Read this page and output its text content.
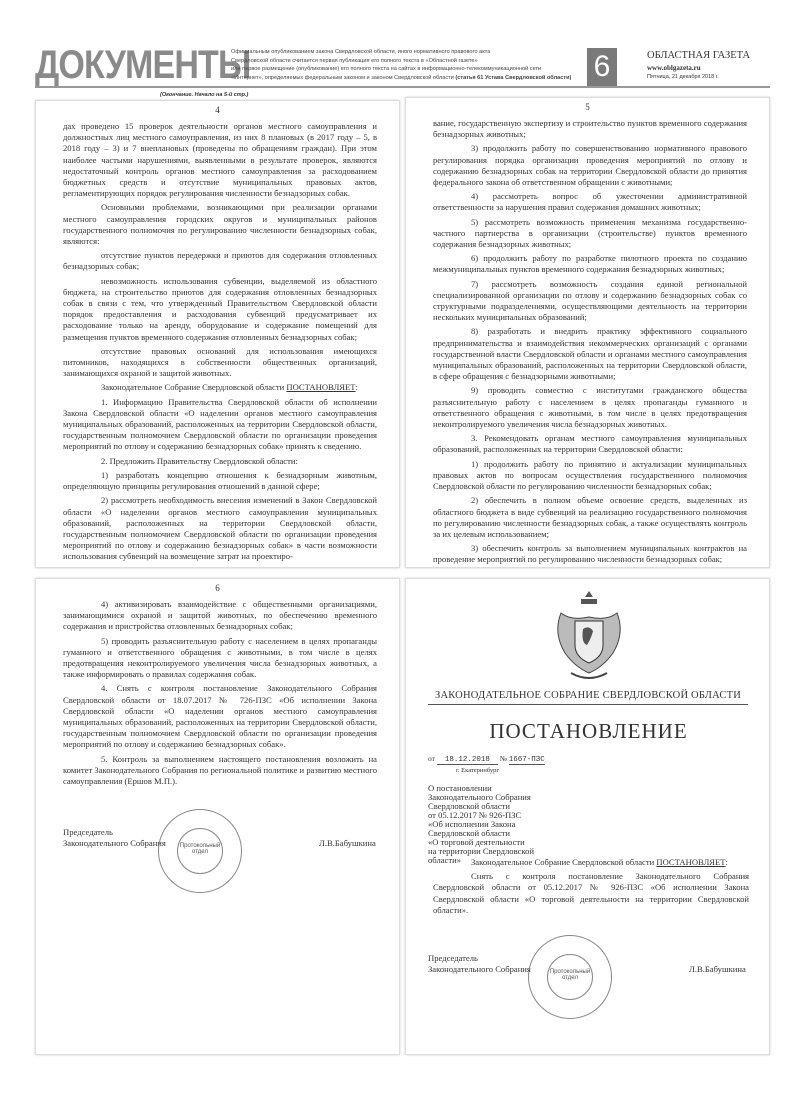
ДОКУМЕНТЫ
Официальным опубликованием закона Свердловской области, иного нормативного правового акта
Свердловской области считается первая публикация его полного текста в «Областной газете»
или первое размещение (опубликование) его полного текста на сайтах в информационно-телекоммуникационной сети
«Интернет», определяемых федеральным законом и законом Свердловской области (статья 61 Устава Свердловской области) 6	ОБЛАСТНАЯ ГАЗЕТА
www.oblgazeta.ru
Пятница, 21 декабря 2018 г.
(Окончание. Начало на 5-й стр.)
4

дах проведено 15 проверок деятельности органов местного самоуправления и должностных лиц местного самоуправления, из них 8 плановых (в 2017 году – 5, в 2018 году – 3) и 7 внеплановых (проведены по обращениям граждан). При этом наиболее частыми нарушениями, выявленными в результате проверок, являются недостаточный контроль органов местного самоуправления за расходованием бюджетных средств и отсутствие муниципальных правовых актов, регламентирующих порядок регулирования численности безнадзорных собак.

Основными проблемами, возникающими при реализации органами местного самоуправления городских округов и муниципальных районов государственного полномочия по регулированию численности безнадзорных собак, являются:

отсутствие пунктов передержки и приютов для содержания отловленных безнадзорных собак;

невозможность использования субвенции, выделяемой из областного бюджета, на строительство приютов для содержания отловленных безнадзорных собак в связи с тем, что утвержденный Правительством Свердловской области порядок предоставления и расходования субвенций предусматривает их расходование только на аренду, оборудование и содержание помещений для размещения пунктов временного содержания отловленных безнадзорных собак;

отсутствие правовых оснований для использования имеющихся питомников, находящихся в собственности общественных организаций, занимающихся охраной и защитой животных.

Законодательное Собрание Свердловской области ПОСТАНОВЛЯЕТ:

1. Информацию Правительства Свердловской области об исполнении Закона Свердловской области «О наделении органов местного самоуправления муниципальных образований, расположенных на территории Свердловской области, государственным полномочием Свердловской области по организации проведения мероприятий по отлову и содержанию безнадзорных собак» принять к сведению.

2. Предложить Правительству Свердловской области:

1) разработать концепцию отношения к безнадзорным животным, определяющую принципы регулирования отношений в данной сфере;

2) рассмотреть необходимость внесения изменений в Закон Свердловской области «О наделении органов местного самоуправления муниципальных образований, расположенных на территории Свердловской области, государственным полномочием Свердловской области по организации проведения мероприятий по отлову и содержанию безнадзорных собак» в части возможности использования субвенций на возмещение затрат на проектиро-

5

вание, государственную экспертизу и строительство пунктов временного содержания безнадзорных животных;

3) продолжить работу по совершенствованию нормативного правового регулирования порядка организации проведения мероприятий по отлову и содержанию безнадзорных собак на территории Свердловской области до принятия федерального закона об ответственном обращении с животными;

4) рассмотреть вопрос об ужесточении административной ответственности за нарушения правил содержания домашних животных;

5) рассмотреть возможность применения механизма государственно-частного партнерства в организации (строительстве) пунктов временного содержания безнадзорных животных;

6) продолжить работу по разработке пилотного проекта по созданию межмуниципальных пунктов временного содержания безнадзорных животных;

7) рассмотреть возможность создания единой региональной специализированной организации по отлову и содержанию безнадзорных собак со структурными подразделениями, осуществляющими деятельность на территории нескольких муниципальных образований;

8) разработать и внедрить практику эффективного социального предпринимательства и взаимодействия некоммерческих организаций с органами государственной власти Свердловской области и органами местного самоуправления муниципальных образований, расположенных на территории Свердловской области, в сфере обращения с безнадзорными животными;

9) проводить совместно с институтами гражданского общества разъяснительную работу с населением в целях пропаганды гуманного и ответственного обращения с животными, в том числе в целях предотвращения неконтролируемого увеличения числа безнадзорных животных.

3. Рекомендовать органам местного самоуправления муниципальных образований, расположенных на территории Свердловской области:

1) продолжить работу по принятию и актуализации муниципальных правовых актов по вопросам осуществления государственного полномочия Свердловской области по регулированию численности безнадзорных собак;

2) обеспечить в полном объеме освоение средств, выделенных из областного бюджета в виде субвенций на реализацию государственного полномочия по регулированию численности безнадзорных собак, а также осуществлять контроль за их целевым использованием;

3) обеспечить контроль за выполнением муниципальных контрактов на проведение мероприятий по регулированию численности безнадзорных собак;

6

4) активизировать взаимодействие с общественными организациями, занимающимися охраной и защитой животных, по обеспечению временного содержания и пристройства отловленных безнадзорных собак;

5) проводить разъяснительную работу с населением в целях пропаганды гуманного и ответственного обращения с животными, в том числе в целях предотвращения неконтролируемого увеличения числа безнадзорных животных, а также информировать о правилах содержания собак.

4. Снять с контроля постановление Законодательного Собрания Свердловской области от 18.07.2017 № 726-ПЗС «Об исполнении Закона Свердловской области «О наделении органов местного самоуправления муниципальных образований, расположенных на территории Свердловской области, государственным полномочием Свердловской области по организации проведения мероприятий по отлову и содержанию безнадзорных собак».

5. Контроль за выполнением настоящего постановления возложить на комитет Законодательного Собрания по региональной политике и развитию местного самоуправления (Ершов М.П.).

Председатель
Законодательного Собрания	Л.В.Бабушкина
Протокольный отдел
ЗАКОНОДАТЕЛЬНОЕ СОБРАНИЕ СВЕРДЛОВСКОЙ ОБЛАСТИ
ПОСТАНОВЛЕНИЕ
от 18.12.2018 № 1667-ПЗС
г. Екатеринбург
О постановлении
Законодательного Собрания
Свердловской области
от 05.12.2017 № 926-ПЗС
«Об исполнении Закона
Свердловской области
«О торговой деятельности
на территории Свердловской
области»	Законодательное Собрание Свердловской области ПОСТАНОВЛЯЕТ:

Снять с контроля постановление Законодательного Собрания Свердловской области от 05.12.2017 № 926-ПЗС «Об исполнении Закона Свердловской области «О торговой деятельности на территории Свердловской области».

Председатель
Законодательного Собрания	Л.В.Бабушкина
Протокольный отдел
